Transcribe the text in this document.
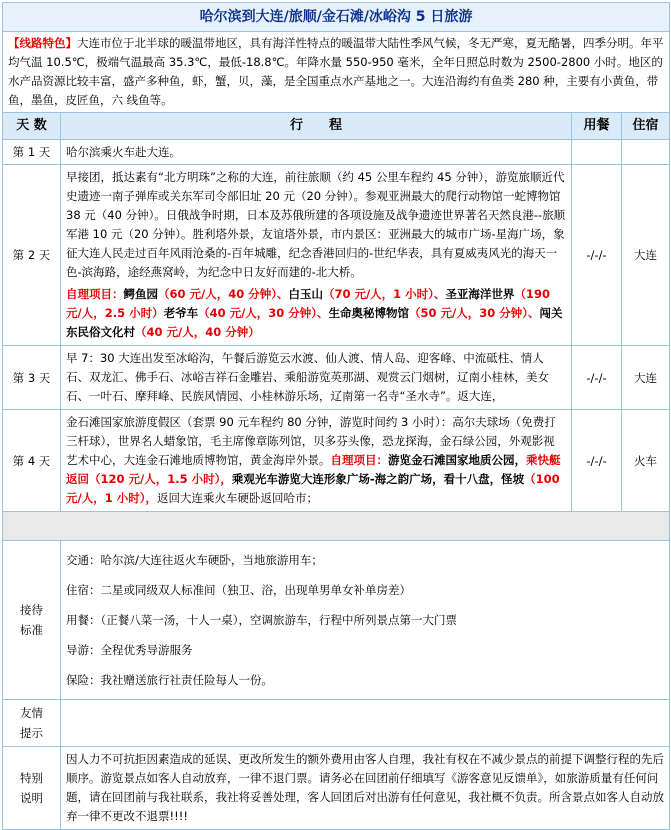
哈尔滨到大连/旅顺/金石滩/冰峪沟 5 日旅游			
【线路特色】大连市位于北半球的暖温带地区，具有海洋性特点的暖温带大陆性季风气候，冬无严寒，夏无酷暑，四季分明。年平均气温 10.5℃，极端气温最高 35.3℃，最低-18.8℃。年降水量 550-950 毫米，全年日照总时数为 2500-2800 小时。地区的水产品资源比较丰富，盛产多种鱼，虾，蟹，贝，藻，是全国重点水产基地之一。大连沿海约有鱼类 280 种，主要有小黄鱼，带鱼，墨鱼，皮匠鱼，六 线鱼等。			
天 数	行　　程	用餐	住宿
第 1 天	哈尔滨乘火车赴大连。		
第 2 天	早接团，抵达素有“北方明珠”之称的大连，前往旅顺（约 45 公里车程约 45 分钟），游览旅顺近代史遗迹一南子弹库或关东军司令部旧址 20 元（20 分钟）。参观亚洲最大的爬行动物馆一蛇博物馆 38 元（40 分钟）。日俄战争时期，日本及苏俄所建的各项设施及战争遗迹世界著名天然良港--旅顺军港 10 元（20 分钟）。胜利塔外景，友谊塔外景，市内景区：亚洲最大的城市广场-星海广场，象征大连人民走过百年风雨沧桑的-百年城雕，纪念香港回归的-世纪华表，具有夏威夷风光的海天一色-滨海路，途经燕窝岭，为纪念中日友好而建的-北大桥。
自理项目：鳄鱼园（60 元/人，40 分钟）、白玉山（70 元/人，1 小时）、圣亚海洋世界（190 元/人，2.5 小时）老爷车（40 元/人，30 分钟）、生命奥秘博物馆（50 元/人，30 分钟）、闯关东民俗文化村（40 元/人，40 分钟）	-/-/-	大连
第 3 天	早 7：30 大连出发至冰峪沟，午餐后游览云水渡、仙人渡、情人岛、迎客峰、中流砥柱、情人石、双龙汇、佛手石、冰峪吉祥石金雕岩、乘船游览英那湖、观赏云门烟树，辽南小桂林，美女石、一叶石、摩拜峰、民族风情园、小桂林游乐场，辽南第一名寺“圣水寺”。返大连，	-/-/-	大连
第 4 天	金石滩国家旅游度假区（套票 90 元车程约 80 分钟，游览时间约 3 小时）：高尔夫球场（免费打三杆球），世界名人蜡象馆，毛主席像章陈列馆，贝多芬头像，恐龙探海，金石绿公园，外观影视艺术中心，大连金石滩地质博物馆，黄金海岸外景。自理项目：游览金石滩国家地质公园，乘快艇返回（120 元/人，1.5 小时），乘观光车游览大连形象广场-海之韵广场，看十八盘，怪坡（100 元/人，1 小时），返回大连乘火车硬卧返回哈市；	-/-/-	火车

接待标准	交通：哈尔滨/大连往返火车硬卧，当地旅游用车；
住宿：二星或同级双人标准间（独卫、浴，出现单男单女补单房差）
用餐：（正餐八菜一汤，十人一桌），空调旅游车，行程中所列景点第一大门票
导游：全程优秀导游服务
保险：我社赠送旅行社责任险每人一份。		

友情提示			
特别说明	因人力不可抗拒因素造成的延误、更改所发生的额外费用由客人自理，我社有权在不减少景点的前提下调整行程的先后顺序。游览景点如客人自动放弃，一律不退门票。请务必在回团前仔细填写《游客意见反馈单》，如旅游质量有任何问题，请在回团前与我社联系，我社将妥善处理，客人回团后对出游有任何意见，我社概不负责。所含景点如客人自动放弃一律不更改不退票!!!!		
